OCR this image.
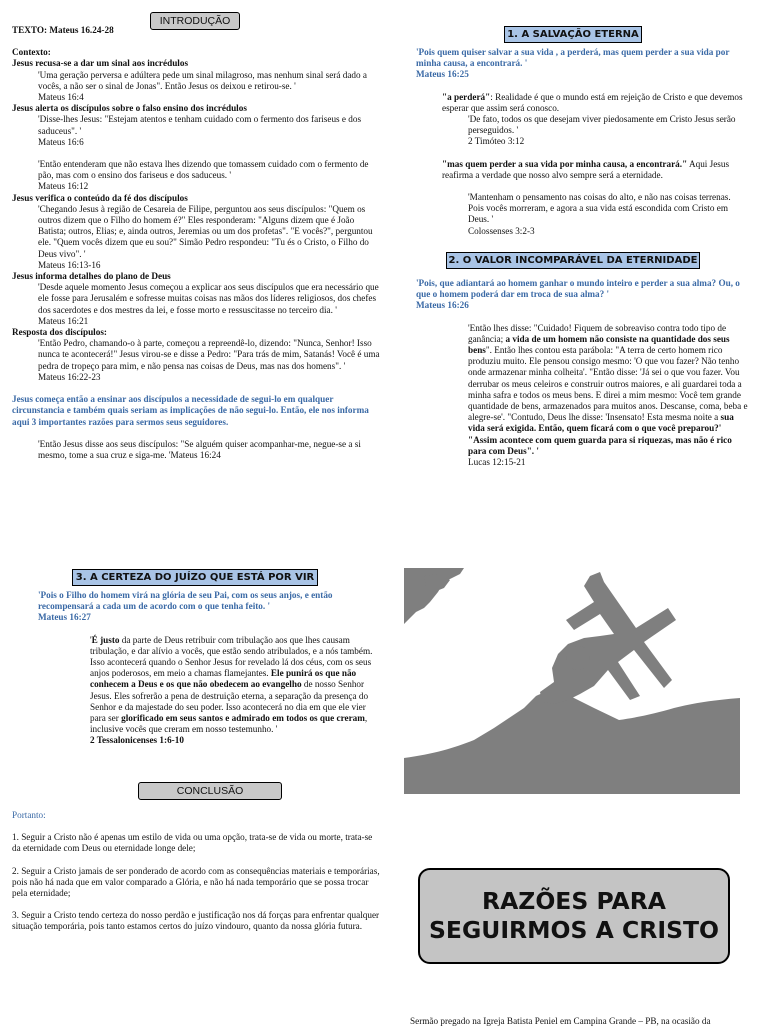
INTRODUÇÃO

TEXTO: Mateus 16.24-28

Contexto:

Jesus recusa-se a dar um sinal aos incrédulos

'Uma geração perversa e adúltera pede um sinal milagroso, mas nenhum sinal será dado a vocês, a não ser o sinal de Jonas". Então Jesus os deixou e retirou-se. '

Mateus 16:4

Jesus alerta os discípulos sobre o falso ensino dos incrédulos

'Disse-lhes Jesus: "Estejam atentos e tenham cuidado com o fermento dos fariseus e dos saduceus". '

Mateus 16:6

'Então entenderam que não estava lhes dizendo que tomassem cuidado com o fermento de pão, mas com o ensino dos fariseus e dos saduceus. '

Mateus 16:12

Jesus verifica o conteúdo da fé dos discípulos

'Chegando Jesus à região de Cesareia de Filipe, perguntou aos seus discípulos: "Quem os outros dizem que o Filho do homem é?" Eles responderam: "Alguns dizem que é João Batista; outros, Elias; e, ainda outros, Jeremias ou um dos profetas". "E vocês?", perguntou ele. "Quem vocês dizem que eu sou?" Simão Pedro respondeu: "Tu és o Cristo, o Filho do Deus vivo". '

Mateus 16:13-16

Jesus informa detalhes do plano de Deus

'Desde aquele momento Jesus começou a explicar aos seus discípulos que era necessário que ele fosse para Jerusalém e sofresse muitas coisas nas mãos dos líderes religiosos, dos chefes dos sacerdotes e dos mestres da lei, e fosse morto e ressuscitasse no terceiro dia. '

Mateus 16:21

Resposta dos discípulos:

'Então Pedro, chamando-o à parte, começou a repreendê-lo, dizendo: "Nunca, Senhor! Isso nunca te acontecerá!" Jesus virou-se e disse a Pedro: "Para trás de mim, Satanás! Você é uma pedra de tropeço para mim, e não pensa nas coisas de Deus, mas nas dos homens". '

Mateus 16:22-23

Jesus começa então a ensinar aos discípulos a necessidade de segui-lo em qualquer circunstancia e também quais seriam as implicações de não segui-lo. Então, ele nos informa aqui 3 importantes razões para sermos seus seguidores.

'Então Jesus disse aos seus discípulos: "Se alguém quiser acompanhar-me, negue-se a si mesmo, tome a sua cruz e siga-me. 'Mateus 16:24

1. A SALVAÇÃO ETERNA

'Pois quem quiser salvar a sua vida , a perderá, mas quem perder a sua vida por minha causa, a encontrará. '

Mateus 16:25

"a perderá": Realidade é que o mundo está em rejeição de Cristo e que devemos esperar que assim será conosco.

'De fato, todos os que desejam viver piedosamente em Cristo Jesus serão perseguidos. '

2 Timóteo 3:12

"mas quem perder a sua vida por minha causa, a encontrará." Aqui Jesus reafirma a verdade que nosso alvo sempre será a eternidade.

'Mantenham o pensamento nas coisas do alto, e não nas coisas terrenas. Pois vocês morreram, e agora a sua vida está escondida com Cristo em Deus. '

Colossenses 3:2-3

2. O VALOR INCOMPARÁVEL DA ETERNIDADE

'Pois, que adiantará ao homem ganhar o mundo inteiro e perder a sua alma? Ou, o que o homem poderá dar em troca de sua alma? '

Mateus 16:26

'Então lhes disse: "Cuidado! Fiquem de sobreaviso contra todo tipo de ganância; a vida de um homem não consiste na quantidade dos seus bens". Então lhes contou esta parábola: "A terra de certo homem rico produziu muito. Ele pensou consigo mesmo: 'O que vou fazer? Não tenho onde armazenar minha colheita'. "Então disse: 'Já sei o que vou fazer. Vou derrubar os meus celeiros e construir outros maiores, e ali guardarei toda a minha safra e todos os meus bens. E direi a mim mesmo: Você tem grande quantidade de bens, armazenados para muitos anos. Descanse, coma, beba e alegre-se'. "Contudo, Deus lhe disse: 'Insensato! Esta mesma noite a sua vida será exigida. Então, quem ficará com o que você preparou?' "Assim acontece com quem guarda para si riquezas, mas não é rico para com Deus". '

Lucas 12:15-21

3. A CERTEZA DO JUÍZO QUE ESTÁ POR VIR

'Pois o Filho do homem virá na glória de seu Pai, com os seus anjos, e então recompensará a cada um de acordo com o que tenha feito. '

Mateus 16:27

'É justo da parte de Deus retribuir com tribulação aos que lhes causam tribulação, e dar alívio a vocês, que estão sendo atribulados, e a nós também. Isso acontecerá quando o Senhor Jesus for revelado lá dos céus, com os seus anjos poderosos, em meio a chamas flamejantes. Ele punirá os que não conhecem a Deus e os que não obedecem ao evangelho de nosso Senhor Jesus. Eles sofrerão a pena de destruição eterna, a separação da presença do Senhor e da majestade do seu poder. Isso acontecerá no dia em que ele vier para ser glorificado em seus santos e admirado em todos os que creram, inclusive vocês que creram em nosso testemunho. '

2 Tessalonicenses 1:6-10

CONCLUSÃO

Portanto:

1. Seguir a Cristo não é apenas um estilo de vida ou uma opção, trata-se de vida ou morte, trata-se da eternidade com Deus ou eternidade longe dele;

2. Seguir a Cristo jamais de ser ponderado de acordo com as consequências materiais e temporárias, pois não há nada que em valor comparado a Glória, e não há nada temporário que se possa trocar pela eternidade;

3. Seguir a Cristo tendo certeza do nosso perdão e justificação nos dá forças para enfrentar qualquer situação temporária, pois tanto estamos certos do juízo vindouro, quanto da nossa glória futura.

RAZÕES PARA
SEGUIRMOS A CRISTO
Sermão pregado na Igreja Batista Peniel em Campina Grande – PB, na ocasião da
